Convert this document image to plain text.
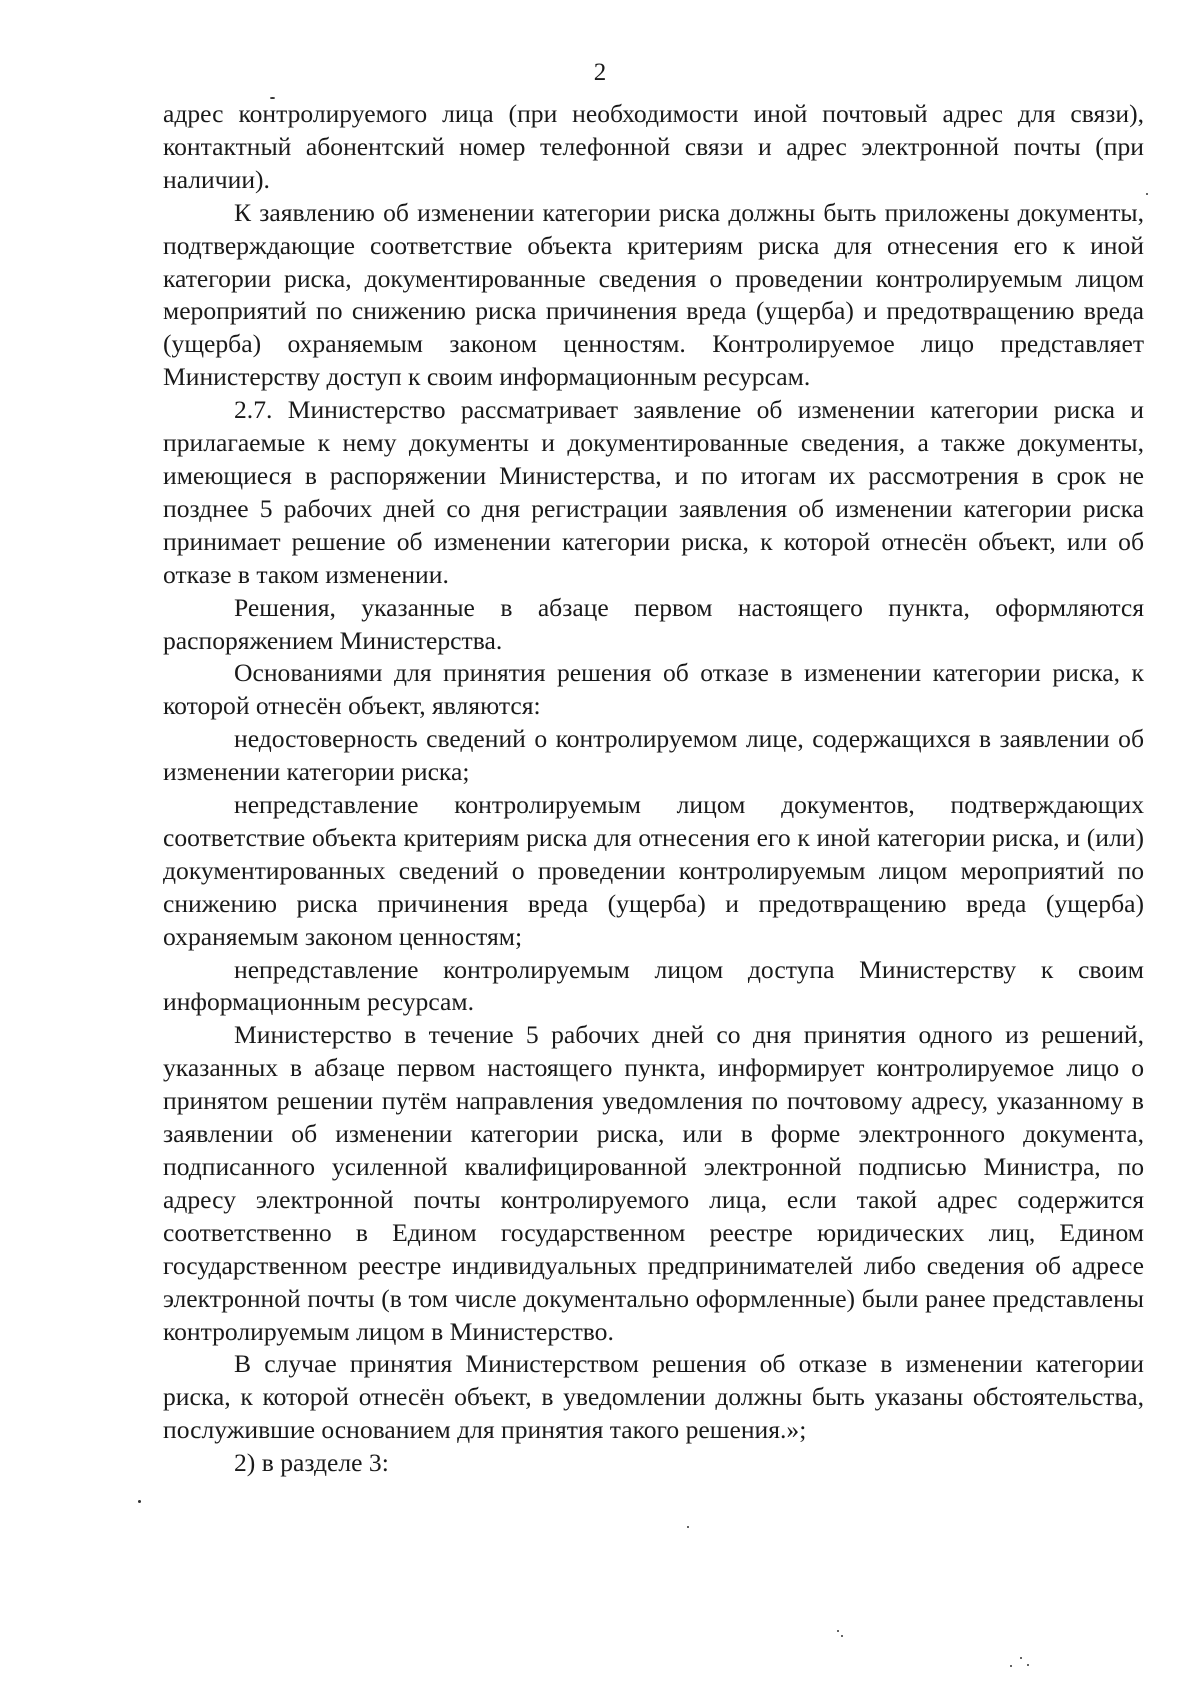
2

адрес контролируемого лица (при необходимости иной почтовый адрес для связи), контактный абонентский номер телефонной связи и адрес электронной почты (при наличии).

К заявлению об изменении категории риска должны быть приложены документы, подтверждающие соответствие объекта критериям риска для отнесения его к иной категории риска, документированные сведения о проведении контролируемым лицом мероприятий по снижению риска причинения вреда (ущерба) и предотвращению вреда (ущерба) охраняемым законом ценностям. Контролируемое лицо представляет Министерству доступ к своим информационным ресурсам.

2.7. Министерство рассматривает заявление об изменении категории риска и прилагаемые к нему документы и документированные сведения, а также документы, имеющиеся в распоряжении Министерства, и по итогам их рассмотрения в срок не позднее 5 рабочих дней со дня регистрации заявления об изменении категории риска принимает решение об изменении категории риска, к которой отнесён объект, или об отказе в таком изменении.

Решения, указанные в абзаце первом настоящего пункта, оформляются распоряжением Министерства.

Основаниями для принятия решения об отказе в изменении категории риска, к которой отнесён объект, являются:

недостоверность сведений о контролируемом лице, содержащихся в заявлении об изменении категории риска;

непредставление контролируемым лицом документов, подтверждающих соответствие объекта критериям риска для отнесения его к иной категории риска, и (или) документированных сведений о проведении контролируемым лицом мероприятий по снижению риска причинения вреда (ущерба) и предотвращению вреда (ущерба) охраняемым законом ценностям;

непредставление контролируемым лицом доступа Министерству к своим информационным ресурсам.

Министерство в течение 5 рабочих дней со дня принятия одного из решений, указанных в абзаце первом настоящего пункта, информирует контролируемое лицо о принятом решении путём направления уведомления по почтовому адресу, указанному в заявлении об изменении категории риска, или в форме электронного документа, подписанного усиленной квалифицированной электронной подписью Министра, по адресу электронной почты контролируемого лица, если такой адрес содержится соответственно в Едином государственном реестре юридических лиц, Едином государственном реестре индивидуальных предпринимателей либо сведения об адресе электронной почты (в том числе документально оформленные) были ранее представлены контролируемым лицом в Министерство.

В случае принятия Министерством решения об отказе в изменении категории риска, к которой отнесён объект, в уведомлении должны быть указаны обстоятельства, послужившие основанием для принятия такого решения.»;

2) в разделе 3:
